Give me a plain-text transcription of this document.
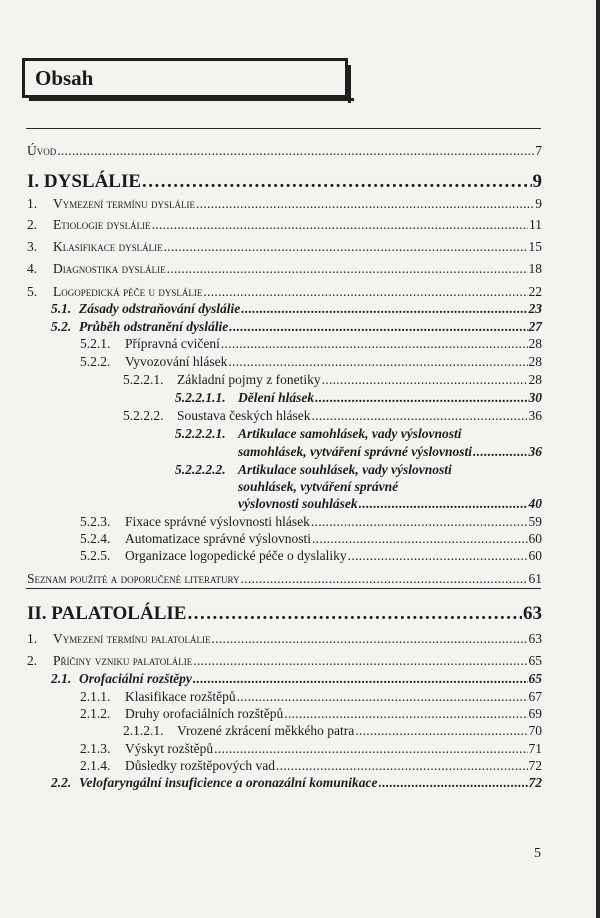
Obsah
Úvod .....	7
I. DYSLÁLIE .....	9
1.	Vymezení termínu dyslálie .....	9
2.	Etiologie dyslálie .....	11
3.	Klasifikace dyslálie .....	15
4.	Diagnostika dyslálie .....	18
5.	Logopedická péče u dyslálie .....	22
5.1. Zásady odstraňování dyslálie .....	23
5.2. Průběh odstranění dyslálie .....	27
5.2.1.	Přípravná cvičení .....	28
5.2.2.	Vyvozování hlásek .....	28
5.2.2.1.	Základní pojmy z fonetiky .....	28
5.2.2.1.1. Dělení hlásek .....	30
5.2.2.2.	Soustava českých hlásek .....	36
5.2.2.2.1. Artikulace samohlásek, vady výslovnosti
samohlásek, vytváření správné výslovnosti .....	36
5.2.2.2.2. Artikulace souhlásek, vady výslovnosti
souhlásek, vytváření správné
výslovnosti souhlásek .....	40
5.2.3.	Fixace správné výslovnosti hlásek .....	59
5.2.4.	Automatizace správné výslovnosti .....	60
5.2.5.	Organizace logopedické péče o dyslaliky .....	60
Seznam použité a doporučené literatury .....	61
II. PALATOLÁLIE .....	63
1.	Vymezení termínu palatolálie .....	63
2.	Příčiny vzniku palatolálie .....	65
2.1. Orofaciální rozštěpy .....	65
2.1.1.	Klasifikace rozštěpů .....	67
2.1.2.	Druhy orofaciálních rozštěpů .....	69
2.1.2.1.	Vrozené zkrácení měkkého patra .....	70
2.1.3.	Výskyt rozštěpů .....	71
2.1.4.	Důsledky rozštěpových vad .....	72
2.2. Velofaryngální insuficience a oronazální komunikace .....	72
5
